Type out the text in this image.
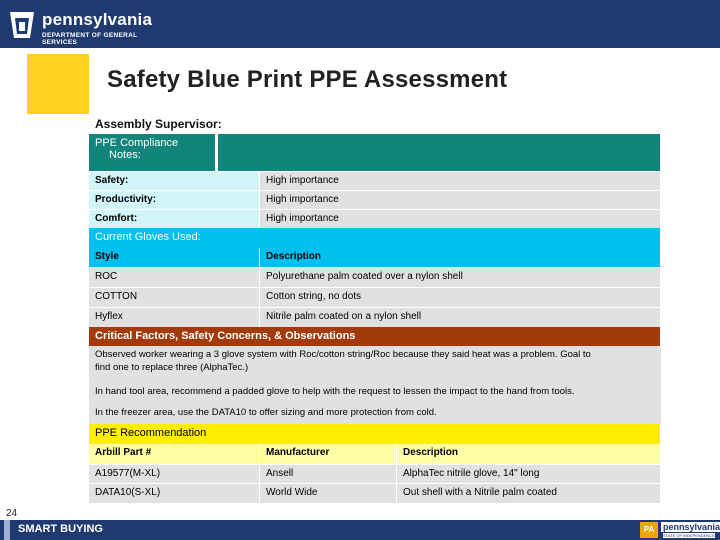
pennsylvania
DEPARTMENT OF GENERAL SERVICES
Safety Blue Print PPE Assessment
Assembly Supervisor:
PPE Compliance
Notes:
Safety:	High importance
Productivity:	High importance
Comfort:	High importance
Current Gloves Used:
Style	Description
ROC	Polyurethane palm coated over a nylon shell
COTTON	Cotton string, no dots
Hyflex	Nitrile palm coated on a nylon shell
Critical Factors, Safety Concerns, & Observations
Observed worker wearing a 3 glove system with Roc/cotton string/Roc because they said heat was a problem. Goal to
find one to replace three (AlphaTec.)
In hand tool area, recommend a padded glove to help with the request to lessen the impact to the hand from tools.
In the freezer area, use the DATA10 to offer sizing and more protection from cold.
PPE Recommendation
Arbill Part #	Manufacturer	Description
A19577(M-XL)	Ansell	AlphaTec nitrile glove, 14" long
DATA10(S-XL)	World Wide	Out shell with a Nitrile palm coated
24
SMART BUYING	PA pennsylvania
STATE OF INDEPENDENCE
